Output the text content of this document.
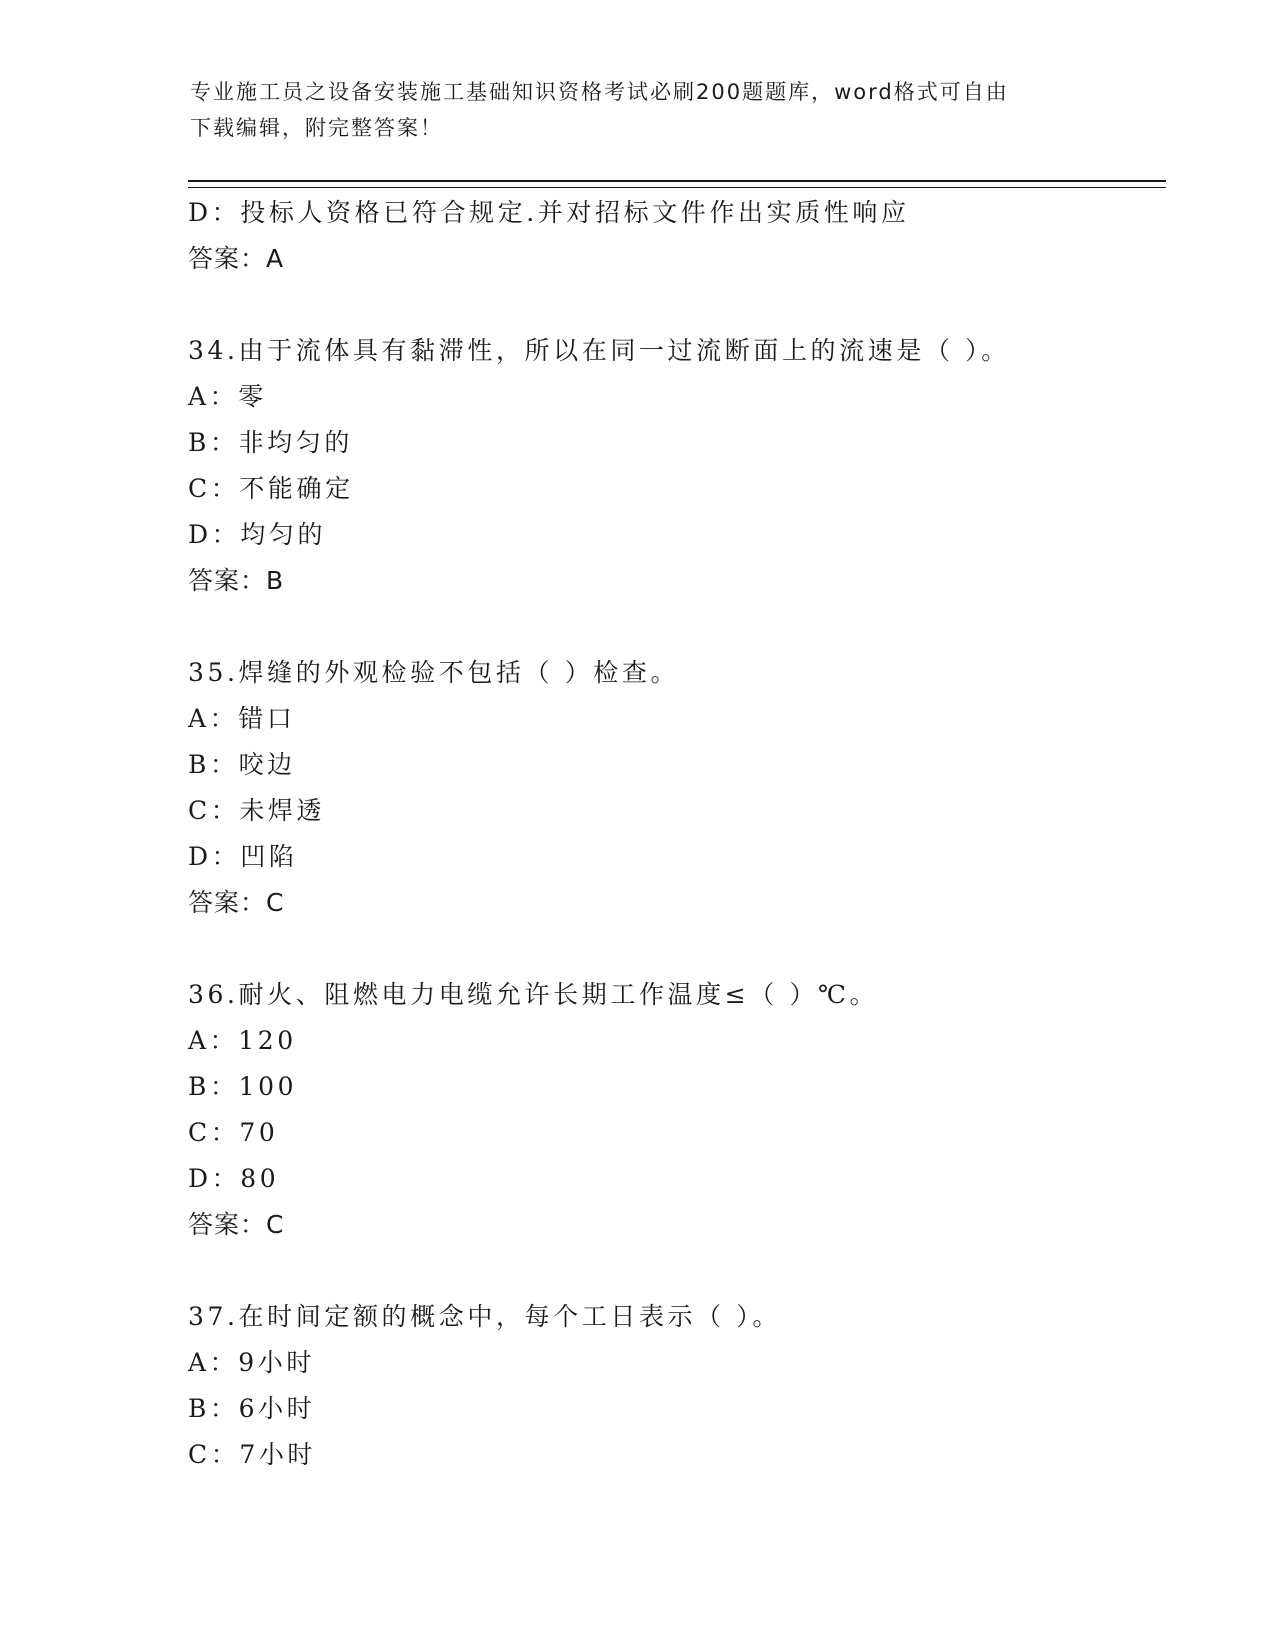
专业施工员之设备安装施工基础知识资格考试必刷200题题库，word格式可自由
下载编辑，附完整答案！
D：投标人资格已符合规定.并对招标文件作出实质性响应
答案：A
34.由于流体具有黏滞性，所以在同一过流断面上的流速是（ ）。
A：零
B：非均匀的
C：不能确定
D：均匀的
答案：B
35.焊缝的外观检验不包括（ ）检查。
A：错口
B：咬边
C：未焊透
D：凹陷
答案：C
36.耐火、阻燃电力电缆允许长期工作温度≤（ ）℃。
A：120
B：100
C：70
D：80
答案：C
37.在时间定额的概念中，每个工日表示（ ）。
A：9小时
B：6小时
C：7小时
